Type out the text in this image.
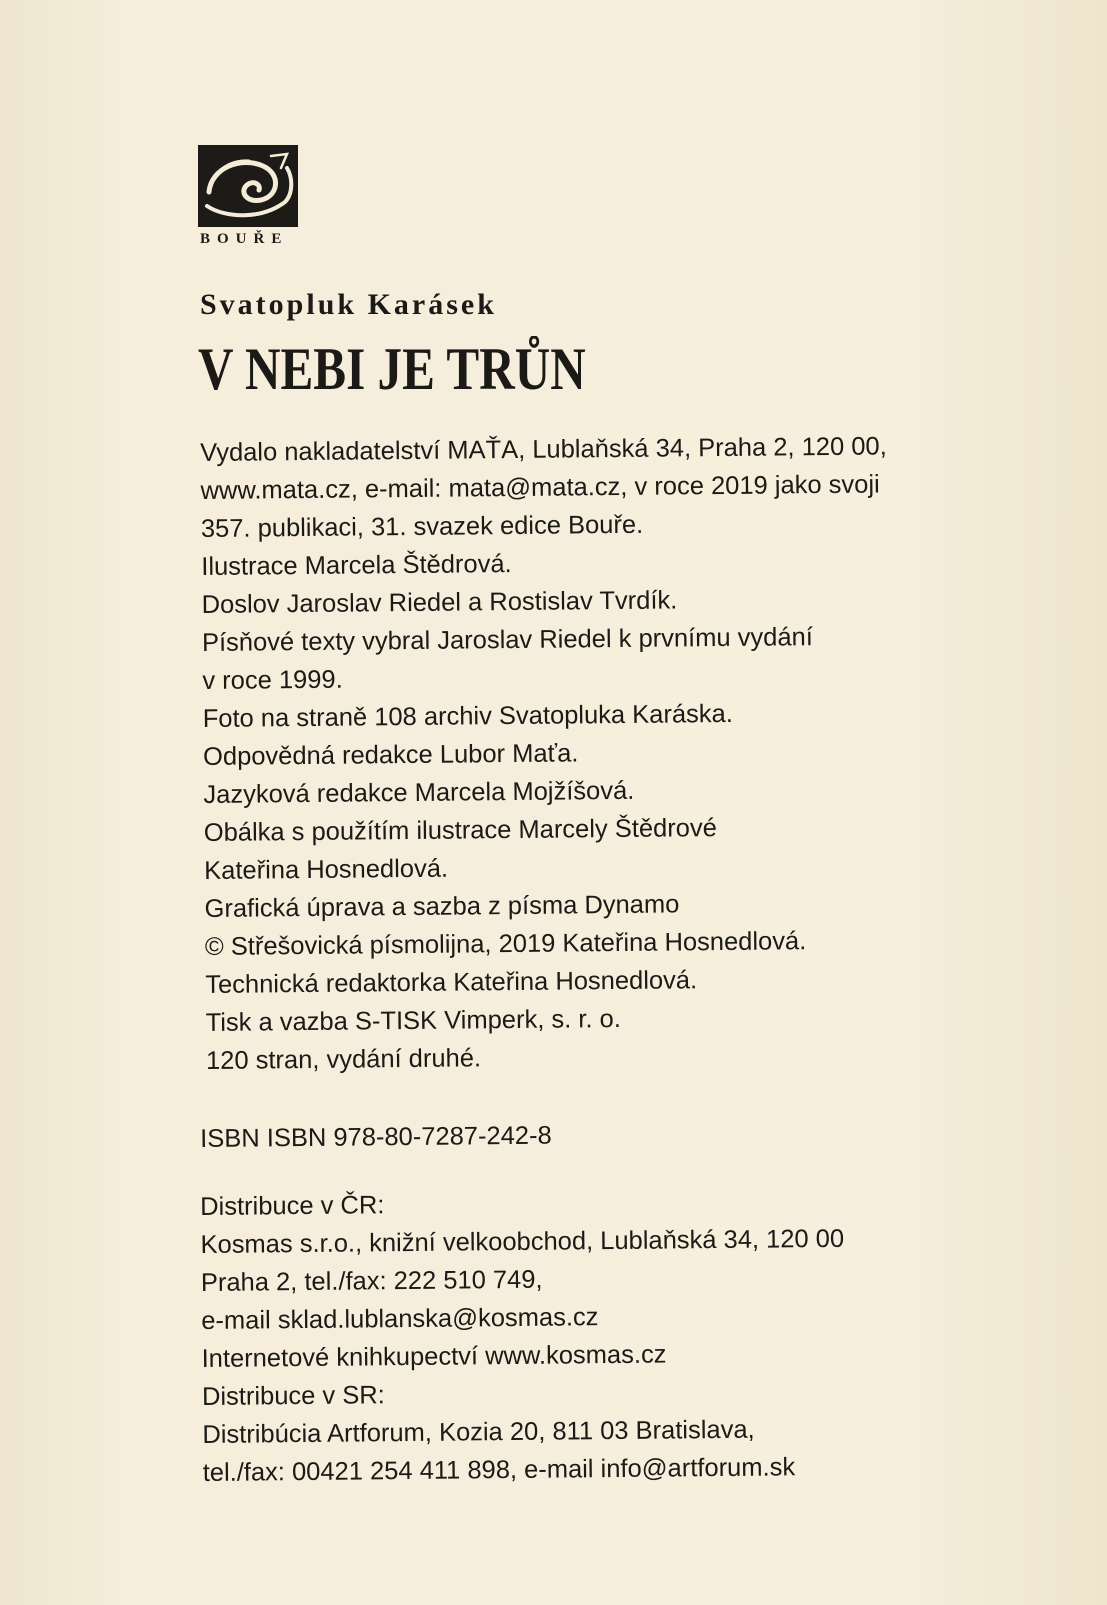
BOUŘE
Svatopluk Karásek
V NEBI JE TRŮN
Vydalo nakladatelství MAŤA, Lublaňská 34, Praha 2, 120 00,
www.mata.cz, e-mail: mata@mata.cz, v roce 2019 jako svoji
357. publikaci, 31. svazek edice Bouře.
Ilustrace Marcela Štědrová.
Doslov Jaroslav Riedel a Rostislav Tvrdík.
Písňové texty vybral Jaroslav Riedel k prvnímu vydání
v roce 1999.
Foto na straně 108 archiv Svatopluka Karáska.
Odpovědná redakce Lubor Maťa.
Jazyková redakce Marcela Mojžíšová.
Obálka s použítím ilustrace Marcely Štědrové
Kateřina Hosnedlová.
Grafická úprava a sazba z písma Dynamo
© Střešovická písmolijna, 2019 Kateřina Hosnedlová.
Technická redaktorka Kateřina Hosnedlová.
Tisk a vazba S-TISK Vimperk, s. r. o.
120 stran, vydání druhé.
ISBN ISBN 978-80-7287-242-8
Distribuce v ČR:
Kosmas s.r.o., knižní velkoobchod, Lublaňská 34, 120 00
Praha 2, tel./fax: 222 510 749,
e-mail sklad.lublanska@kosmas.cz
Internetové knihkupectví www.kosmas.cz
Distribuce v SR:
Distribúcia Artforum, Kozia 20, 811 03 Bratislava,
tel./fax: 00421 254 411 898, e-mail info@artforum.sk
